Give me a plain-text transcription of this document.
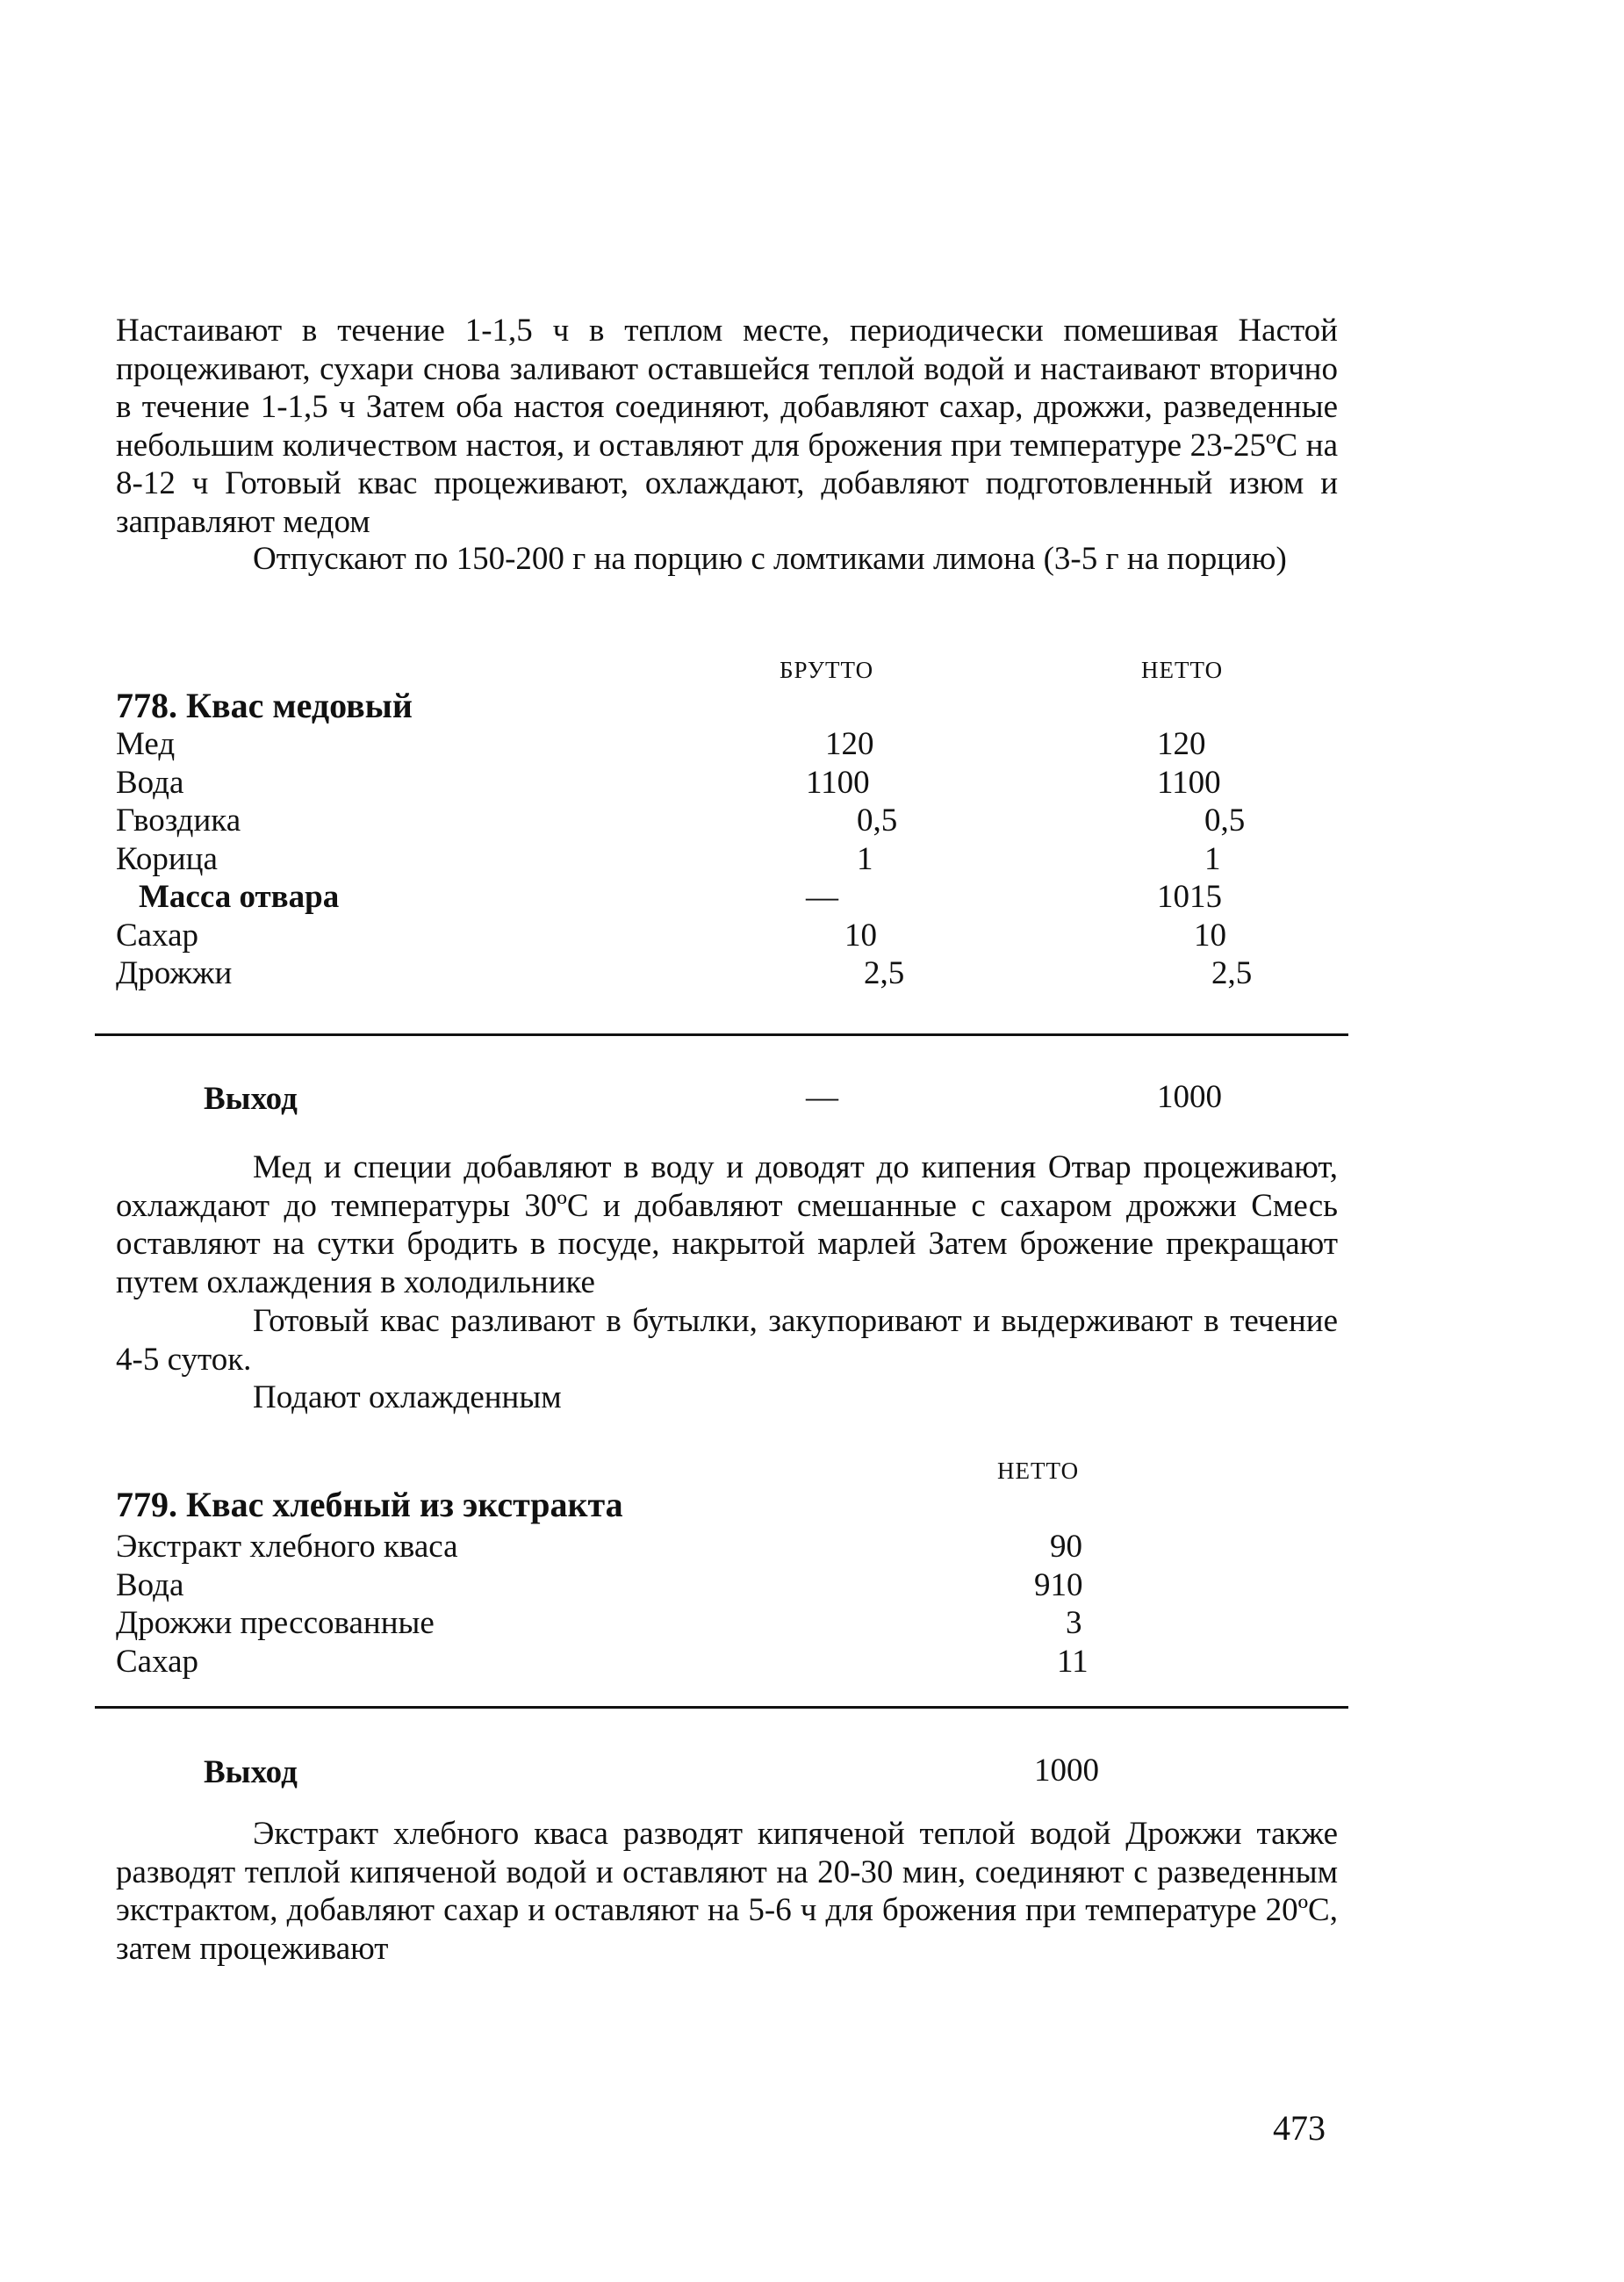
Настаивают в течение 1-1,5 ч в теплом месте, периодически помешивая Настой процеживают, сухари снова заливают оставшейся теплой водой и настаивают вторично в течение 1-1,5 ч Затем оба настоя соединяют, добавляют сахар, дрожжи, разведенные небольшим количеством настоя, и оставляют для брожения при температуре 23-25ºС на 8-12 ч Готовый квас процеживают, охлаждают, добавляют подготовленный изюм и заправляют медом
Отпускают по 150-200 г на порцию с ломтиками лимона (3-5 г на порцию)
БРУТТО	НЕТТО
778. Квас медовый
Мед	120	120
Вода	1100	1100
Гвоздика	0,5	0,5
Корица	1	1
Масса отвара	—	1015
Сахар	10	10
Дрожжи	2,5	2,5
Выход	—	1000
Мед и специи добавляют в воду и доводят до кипения Отвар процеживают, охлаждают до температуры 30ºС и добавляют смешанные с сахаром дрожжи Смесь оставляют на сутки бродить в посуде, накрытой марлей Затем брожение прекращают путем охлаждения в холодильнике
Готовый квас разливают в бутылки, закупоривают и выдерживают в течение 4-5 суток.
Подают охлажденным
НЕТТО
779. Квас хлебный из экстракта
Экстракт хлебного кваса	90
Вода	910
Дрожжи прессованные	3
Сахар	11
Выход	1000
Экстракт хлебного кваса разводят кипяченой теплой водой Дрожжи также разводят теплой кипяченой водой и оставляют на 20-30 мин, соединяют с разведенным экстрактом, добавляют сахар и оставляют на 5-6 ч для брожения при температуре 20ºС, затем процеживают
473
